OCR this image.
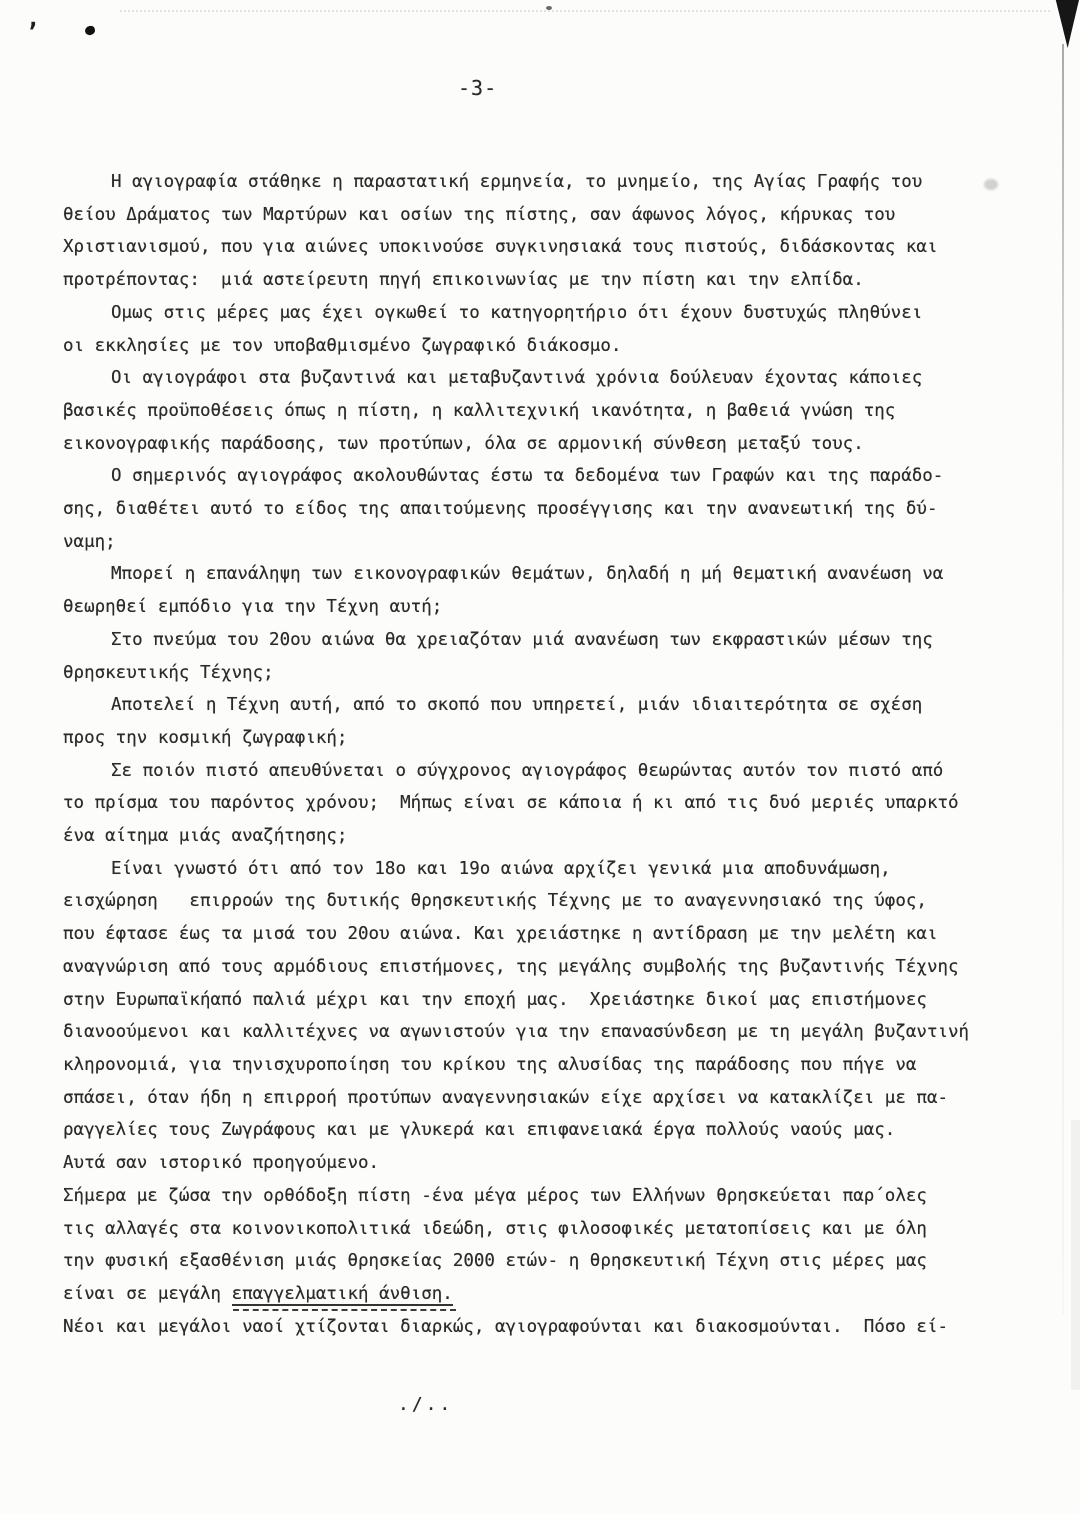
,
-3-
Η αγιογραφία στάθηκε η παραστατική ερμηνεία, το μνημείο, της Αγίας Γραφής του
θείου Δράματος των Μαρτύρων και οσίων της πίστης, σαν άφωνος λόγος, κήρυκας του
Χριστιανισμού, που για αιώνες υποκινούσε συγκινησιακά τους πιστούς, διδάσκοντας και
προτρέποντας:  μιά αστείρευτη πηγή επικοινωνίας με την πίστη και την ελπίδα.
Ομως στις μέρες μας έχει ογκωθεί το κατηγορητήριο ότι έχουν δυστυχώς πληθύνει
οι εκκλησίες με τον υποβαθμισμένο ζωγραφικό διάκοσμο.
Οι αγιογράφοι στα βυζαντινά και μεταβυζαντινά χρόνια δούλευαν έχοντας κάποιες
βασικές προϋποθέσεις όπως η πίστη, η καλλιτεχνική ικανότητα, η βαθειά γνώση της
εικονογραφικής παράδοσης, των προτύπων, όλα σε αρμονική σύνθεση μεταξύ τους.
Ο σημερινός αγιογράφος ακολουθώντας έστω τα δεδομένα των Γραφών και της παράδο-
σης, διαθέτει αυτό το είδος της απαιτούμενης προσέγγισης και την ανανεωτική της δύ-
ναμη;
Μπορεί η επανάληψη των εικονογραφικών θεμάτων, δηλαδή η μή θεματική ανανέωση να
θεωρηθεί εμπόδιο για την Τέχνη αυτή;
Στο πνεύμα του 20ου αιώνα θα χρειαζόταν μιά ανανέωση των εκφραστικών μέσων της
θρησκευτικής Τέχνης;
Αποτελεί η Τέχνη αυτή, από το σκοπό που υπηρετεί, μιάν ιδιαιτερότητα σε σχέση
προς την κοσμική ζωγραφική;
Σε ποιόν πιστό απευθύνεται ο σύγχρονος αγιογράφος θεωρώντας αυτόν τον πιστό από
το πρίσμα του παρόντος χρόνου;  Μήπως είναι σε κάποια ή κι από τις δυό μεριές υπαρκτό
ένα αίτημα μιάς αναζήτησης;
Είναι γνωστό ότι από τον 18ο και 19ο αιώνα αρχίζει γενικά μια αποδυνάμωση,
εισχώρηση   επιρροών της δυτικής θρησκευτικής Τέχνης με το αναγεννησιακό της ύφος,
που έφτασε έως τα μισά του 20ου αιώνα. Και χρειάστηκε η αντίδραση με την μελέτη και
αναγνώριση από τους αρμόδιους επιστήμονες, της μεγάλης συμβολής της βυζαντινής Τέχνης
στην Ευρωπαϊκήαπό παλιά μέχρι και την εποχή μας.  Χρειάστηκε δικοί μας επιστήμονες
διανοούμενοι και καλλιτέχνες να αγωνιστούν για την επανασύνδεση με τη μεγάλη βυζαντινή
κληρονομιά, για τηνισχυροποίηση του κρίκου της αλυσίδας της παράδοσης που πήγε να
σπάσει, όταν ήδη η επιρροή προτύπων αναγεννησιακών είχε αρχίσει να κατακλίζει με πα-
ραγγελίες τους Ζωγράφους και με γλυκερά και επιφανειακά έργα πολλούς ναούς μας.
Αυτά σαν ιστορικό προηγούμενο.
Σήμερα με ζώσα την ορθόδοξη πίστη -ένα μέγα μέρος των Ελλήνων θρησκεύεται παρ΄ολες
τις αλλαγές στα κοινονικοπολιτικά ιδεώδη, στις φιλοσοφικές μετατοπίσεις και με όλη
την φυσική εξασθένιση μιάς θρησκείας 2000 ετών- η θρησκευτική Τέχνη στις μέρες μας
είναι σε μεγάλη επαγγελματική άνθιση.
Νέοι και μεγάλοι ναοί χτίζονται διαρκώς, αγιογραφούνται και διακοσμούνται.  Πόσο εί-
./..
